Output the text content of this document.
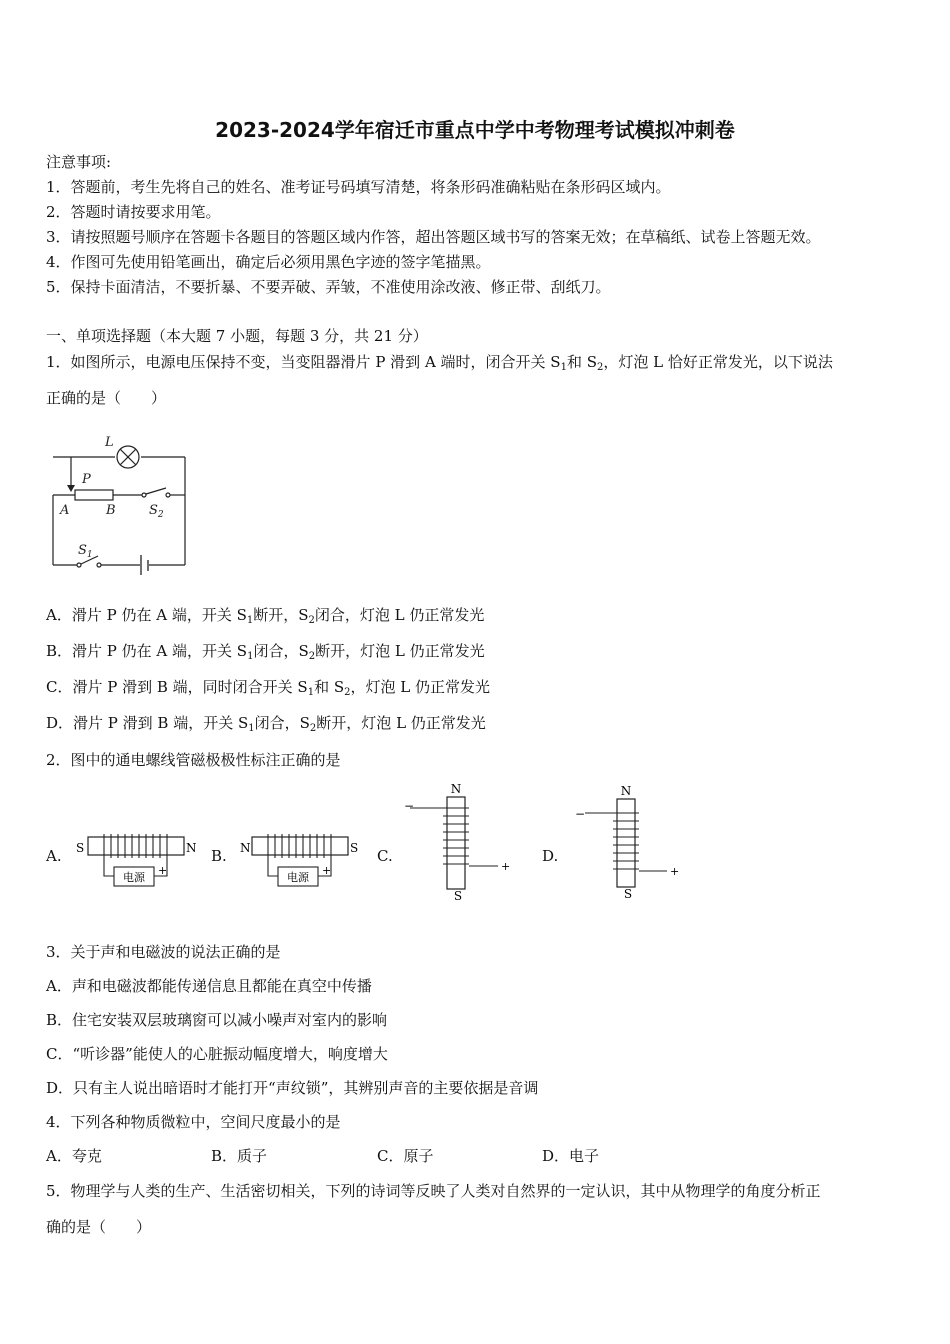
2023-2024学年宿迁市重点中学中考物理考试模拟冲刺卷
注意事项:
1．答题前，考生先将自己的姓名、准考证号码填写清楚，将条形码准确粘贴在条形码区域内。
2．答题时请按要求用笔。
3．请按照题号顺序在答题卡各题目的答题区域内作答，超出答题区域书写的答案无效；在草稿纸、试卷上答题无效。
4．作图可先使用铅笔画出，确定后必须用黑色字迹的签字笔描黑。
5．保持卡面清洁，不要折暴、不要弄破、弄皱，不准使用涂改液、修正带、刮纸刀。
一、单项选择题（本大题 7 小题，每题 3 分，共 21 分）
1．如图所示，电源电压保持不变，当变阻器滑片 P 滑到 A 端时，闭合开关 $S_1$和 $S_2$，灯泡 L 恰好正常发光，以下说法
正确的是（　　）
L
P
A	B	$S_2$
$S_1$
A．滑片 P 仍在 A 端，开关 $S_1$断开，$S_2$闭合，灯泡 L 仍正常发光
B．滑片 P 仍在 A 端，开关 $S_1$闭合，$S_2$断开，灯泡 L 仍正常发光
C．滑片 P 滑到 B 端，同时闭合开关 $S_1$和 $S_2$，灯泡 L 仍正常发光
D．滑片 P 滑到 B 端，开关 $S_1$闭合，$S_2$断开，灯泡 L 仍正常发光
2．图中的通电螺线管磁极极性标注正确的是
A.
电源
+
S	N B.
电源
+
N	S C.
N
−
+
S
D.
N
−
+
S
3．关于声和电磁波的说法正确的是
A．声和电磁波都能传递信息且都能在真空中传播
B．住宅安装双层玻璃窗可以减小噪声对室内的影响
C．“听诊器”能使人的心脏振动幅度增大，响度增大
D．只有主人说出暗语时才能打开“声纹锁”，其辨别声音的主要依据是音调
4．下列各种物质微粒中，空间尺度最小的是
A．夸克	B．质子	C．原子	D．电子
5．物理学与人类的生产、生活密切相关，下列的诗词等反映了人类对自然界的一定认识，其中从物理学的角度分析正
确的是（　　）
